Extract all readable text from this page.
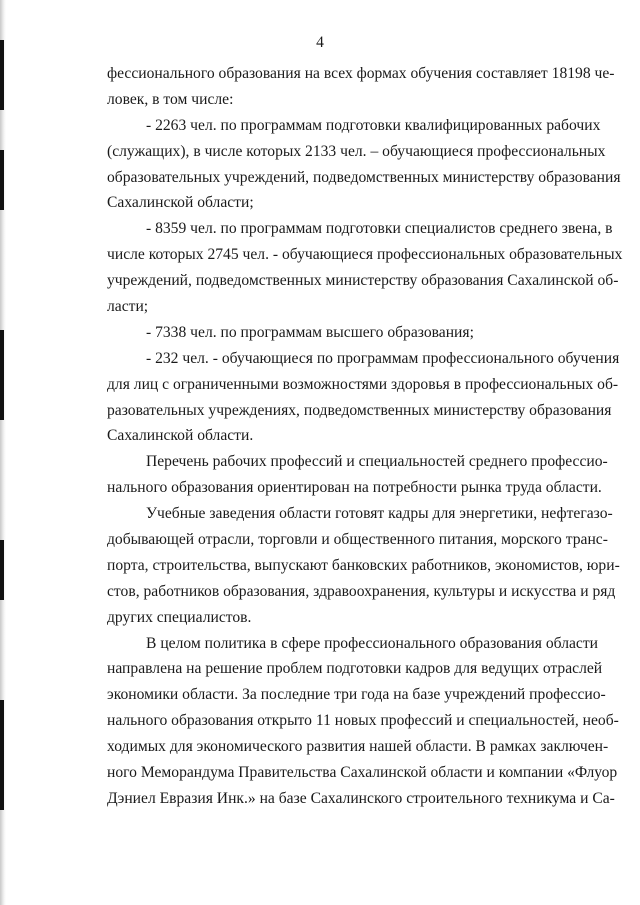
4
фессионального образования на всех формах обучения составляет 18198 че-
ловек, в том числе:
- 2263 чел. по программам подготовки квалифицированных рабочих
(служащих), в числе которых 2133 чел. – обучающиеся профессиональных
образовательных учреждений, подведомственных министерству образования
Сахалинской области;
- 8359 чел. по программам подготовки специалистов среднего звена, в
числе которых 2745 чел. - обучающиеся профессиональных образовательных
учреждений, подведомственных министерству образования Сахалинской об-
ласти;
- 7338 чел. по программам высшего образования;
- 232 чел. - обучающиеся по программам профессионального обучения
для лиц с ограниченными возможностями здоровья в профессиональных об-
разовательных учреждениях, подведомственных министерству образования
Сахалинской области.
Перечень рабочих профессий и специальностей среднего профессио-
нального образования ориентирован на потребности рынка труда области.
Учебные заведения области готовят кадры для энергетики, нефтегазо-
добывающей отрасли, торговли и общественного питания, морского транс-
порта, строительства, выпускают банковских работников, экономистов, юри-
стов, работников образования, здравоохранения, культуры и искусства и ряд
других специалистов.
В целом политика в сфере профессионального образования области
направлена на решение проблем подготовки кадров для ведущих отраслей
экономики области. За последние три года на базе учреждений профессио-
нального образования открыто 11 новых профессий и специальностей, необ-
ходимых для экономического развития нашей области. В рамках заключен-
ного Меморандума Правительства Сахалинской области и компании «Флуор
Дэниел Евразия Инк.» на базе Сахалинского строительного техникума и Са-
